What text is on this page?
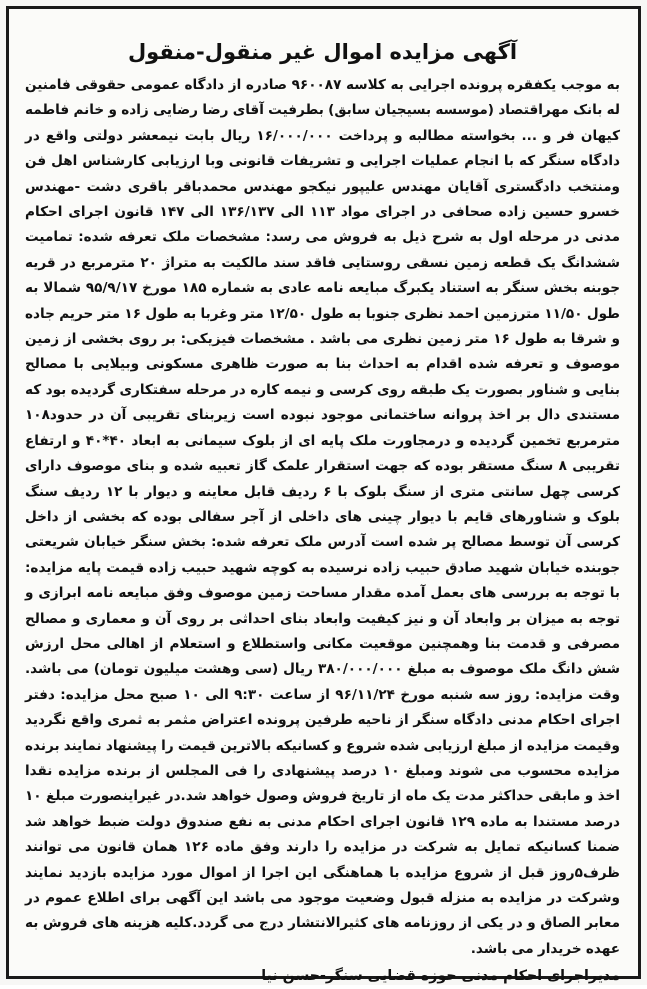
آگهی مزایده اموال غیر منقول-منقول

به موجب یکفقره پرونده اجرایی به کلاسه ۹۶۰۰۸۷ صادره از دادگاه عمومی حقوقی فامنین له بانک مهراقتصاد (موسسه بسیجیان سابق) بطرفیت آقای رضا رضایی زاده و خانم فاطمه کیهان فر و ... بخواسته مطالبه و پرداخت ۱۶/۰۰۰/۰۰۰ ریال بابت نیمعشر دولتی واقع در دادگاه سنگر که با انجام عملیات اجرایی و تشریفات قانونی وبا ارزیابی کارشناس اهل فن ومنتخب دادگستری آقایان مهندس علیپور نیکجو مهندس محمدباقر باقری دشت -مهندس خسرو حسین زاده صحافی در اجرای مواد ۱۱۳ الی ۱۳۶/۱۳۷ الی ۱۴۷ قانون اجرای احکام مدنی در مرحله اول به شرح ذیل به فروش می رسد: مشخصات ملک تعرفه شده: تمامیت ششدانگ یک قطعه زمین نسقی روستایی فاقد سند مالکیت به متراژ ۲۰ مترمربع در قریه جوبنه بخش سنگر به استناد یکبرگ مبایعه نامه عادی به شماره ۱۸۵ مورخ ۹۵/۹/۱۷ شمالا به طول ۱۱/۵۰ مترزمین احمد نظری جنوبا به طول ۱۲/۵۰ متر وغربا به طول ۱۶ متر حریم جاده و شرقا به طول ۱۶ متر زمین نظری می باشد . مشخصات فیزیکی: بر روی بخشی از زمین موصوف و تعرفه شده اقدام به احداث بنا به صورت ظاهری مسکونی وبیلایی با مصالح بنایی و شناور بصورت یک طبقه روی کرسی و نیمه کاره در مرحله سفتکاری گردیده بود که مستندی دال بر اخذ پروانه ساختمانی موجود نبوده است زیربنای تقریبی آن در حدود۱۰۸ مترمربع تخمین گردیده و درمجاورت ملک پایه ای از بلوک سیمانی به ابعاد ۴۰*۴۰ و ارتفاع تقریبی ۸ سنگ مستقر بوده که جهت استقرار علمک گاز تعبیه شده و بنای موصوف دارای کرسی چهل سانتی متری از سنگ بلوک با ۶ ردیف قابل معاینه و دیوار با ۱۲ ردیف سنگ بلوک و شناورهای قایم با دیوار چینی های داخلی از آجر سفالی بوده که بخشی از داخل کرسی آن توسط مصالح پر شده است آدرس ملک تعرفه شده: بخش سنگر خیابان شریعتی جوبنده خیابان شهید صادق حبیب زاده نرسیده به کوچه شهید حبیب زاده قیمت پایه مزایده: با توجه به بررسی های بعمل آمده مقدار مساحت زمین موصوف وفق مبایعه نامه ابرازی و توجه به میزان بر وابعاد آن و نیز کیفیت وابعاد بنای احداثی بر روی آن و معماری و مصالح مصرفی و قدمت بنا وهمچنین موقعیت مکانی واستطلاع و استعلام از اهالی محل ارزش شش دانگ ملک موصوف به مبلغ ۳۸۰/۰۰۰/۰۰۰ ریال (سی وهشت میلیون تومان) می باشد. وقت مزایده: روز سه شنبه مورخ ۹۶/۱۱/۲۴ از ساعت ۹:۳۰ الی ۱۰ صبح محل مزایده: دفتر اجرای احکام مدنی دادگاه سنگر از ناحیه طرفین پرونده اعتراض مثمر به ثمری واقع نگردید وقیمت مزایده از مبلغ ارزیابی شده شروع و کسانیکه بالاترین قیمت را پیشنهاد نمایند برنده مزایده محسوب می شوند ومبلغ ۱۰ درصد پیشنهادی را فی المجلس از برنده مزایده نقدا اخذ و مابقی حداکثر مدت یک ماه از تاریخ فروش وصول خواهد شد.در غیراینصورت مبلغ ۱۰ درصد مستندا به ماده ۱۲۹ قانون اجرای احکام مدنی به نفع صندوق دولت ضبط خواهد شد ضمنا کسانیکه تمایل به شرکت در مزایده را دارند وفق ماده ۱۲۶ همان قانون می توانند ظرف۵روز قبل از شروع مزایده با هماهنگی این اجرا از اموال مورد مزایده بازدید نمایند وشرکت در مزایده به منزله قبول وضعیت موجود می باشد این آگهی برای اطلاع عموم در معابر الصاق و در یکی از روزنامه های کثیرالانتشار درج می گردد.کلیه هزینه های فروش به عهده خریدار می باشد.

مدیراجرای احکام مدنی حوزه قضایی سنگر-حسن نیا
